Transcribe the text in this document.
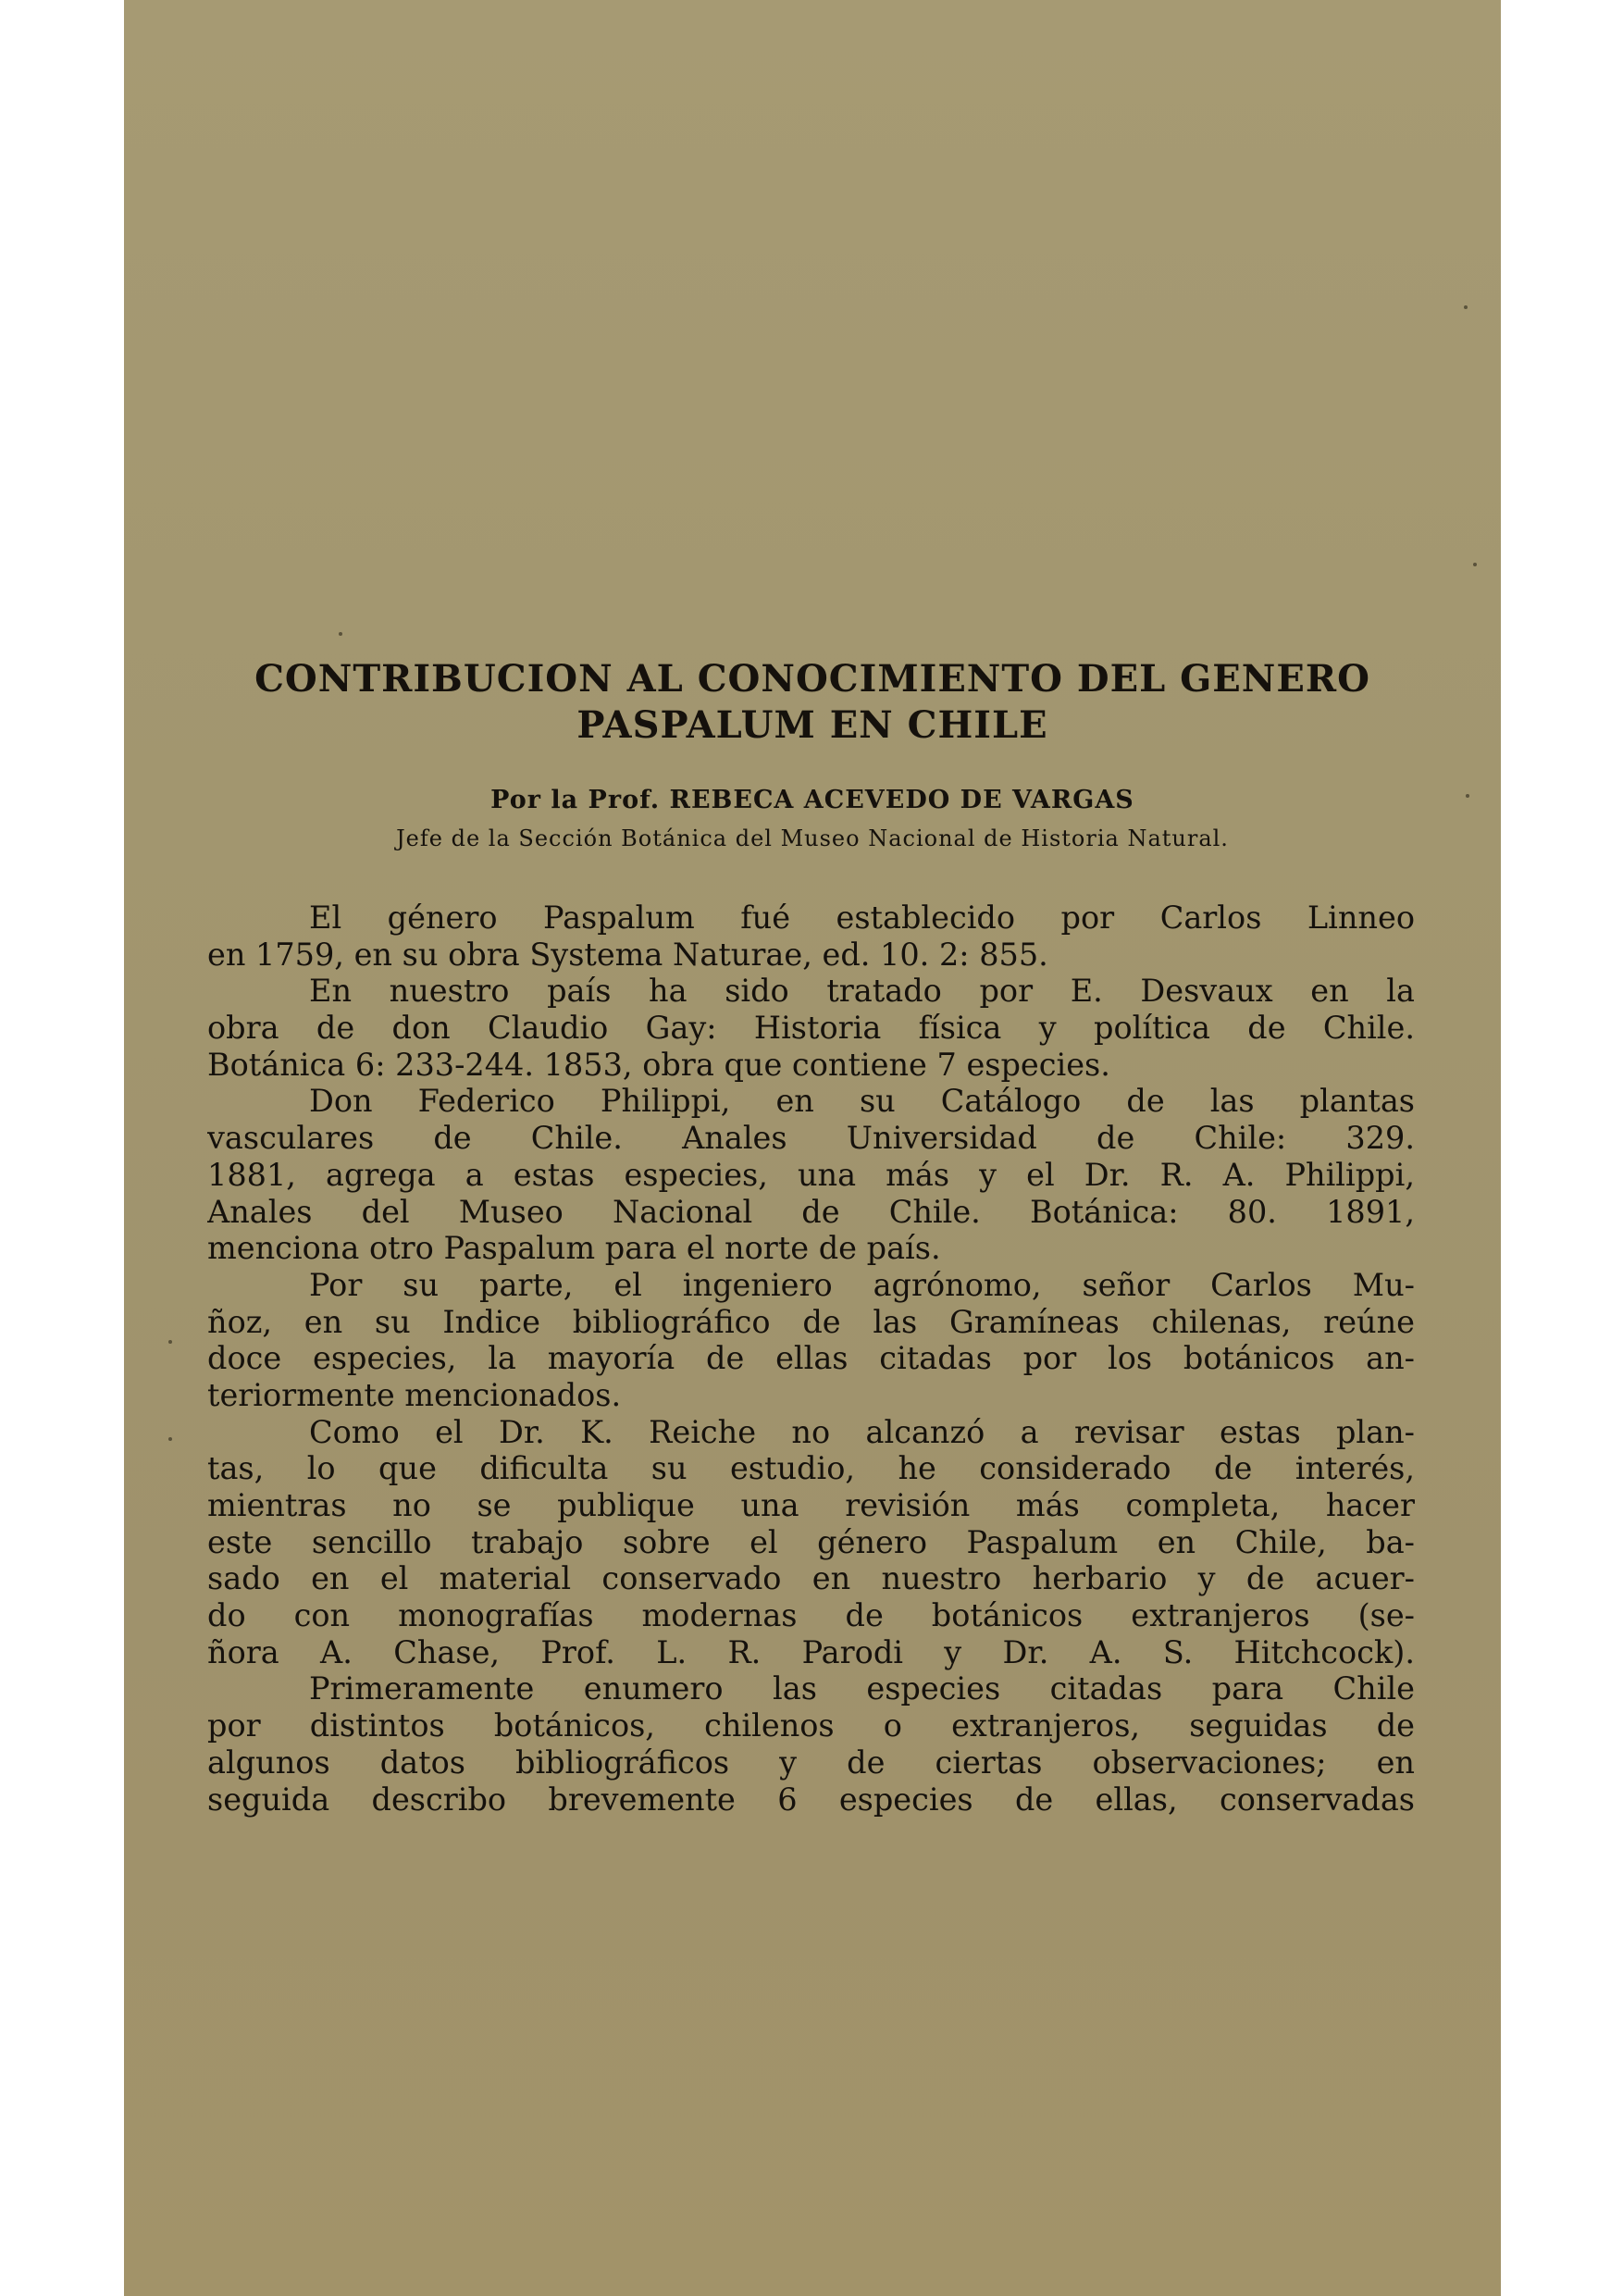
CONTRIBUCION AL CONOCIMIENTO DEL GENERO
PASPALUM EN CHILE
Por la Prof. REBECA ACEVEDO DE VARGAS
Jefe de la Sección Botánica del Museo Nacional de Historia Natural.
El género Paspalum fué establecido por Carlos Linneo
en 1759, en su obra Systema Naturae, ed. 10. 2: 855.
En nuestro país ha sido tratado por E. Desvaux en la
obra de don Claudio Gay: Historia física y política de Chile.
Botánica 6: 233-244. 1853, obra que contiene 7 especies.
Don Federico Philippi, en su Catálogo de las plantas
vasculares de Chile. Anales Universidad de Chile: 329.
1881, agrega a estas especies, una más y el Dr. R. A. Philippi,
Anales del Museo Nacional de Chile. Botánica: 80. 1891,
menciona otro Paspalum para el norte de país.
Por su parte, el ingeniero agrónomo, señor Carlos Mu-
ñoz, en su Indice bibliográfico de las Gramíneas chilenas, reúne
doce especies, la mayoría de ellas citadas por los botánicos an-
teriormente mencionados.
Como el Dr. K. Reiche no alcanzó a revisar estas plan-
tas, lo que dificulta su estudio, he considerado de interés,
mientras no se publique una revisión más completa, hacer
este sencillo trabajo sobre el género Paspalum en Chile, ba-
sado en el material conservado en nuestro herbario y de acuer-
do con monografías modernas de botánicos extranjeros (se-
ñora A. Chase, Prof. L. R. Parodi y Dr. A. S. Hitchcock).
Primeramente enumero las especies citadas para Chile
por distintos botánicos, chilenos o extranjeros, seguidas de
algunos datos bibliográficos y de ciertas observaciones; en
seguida describo brevemente 6 especies de ellas, conservadas
